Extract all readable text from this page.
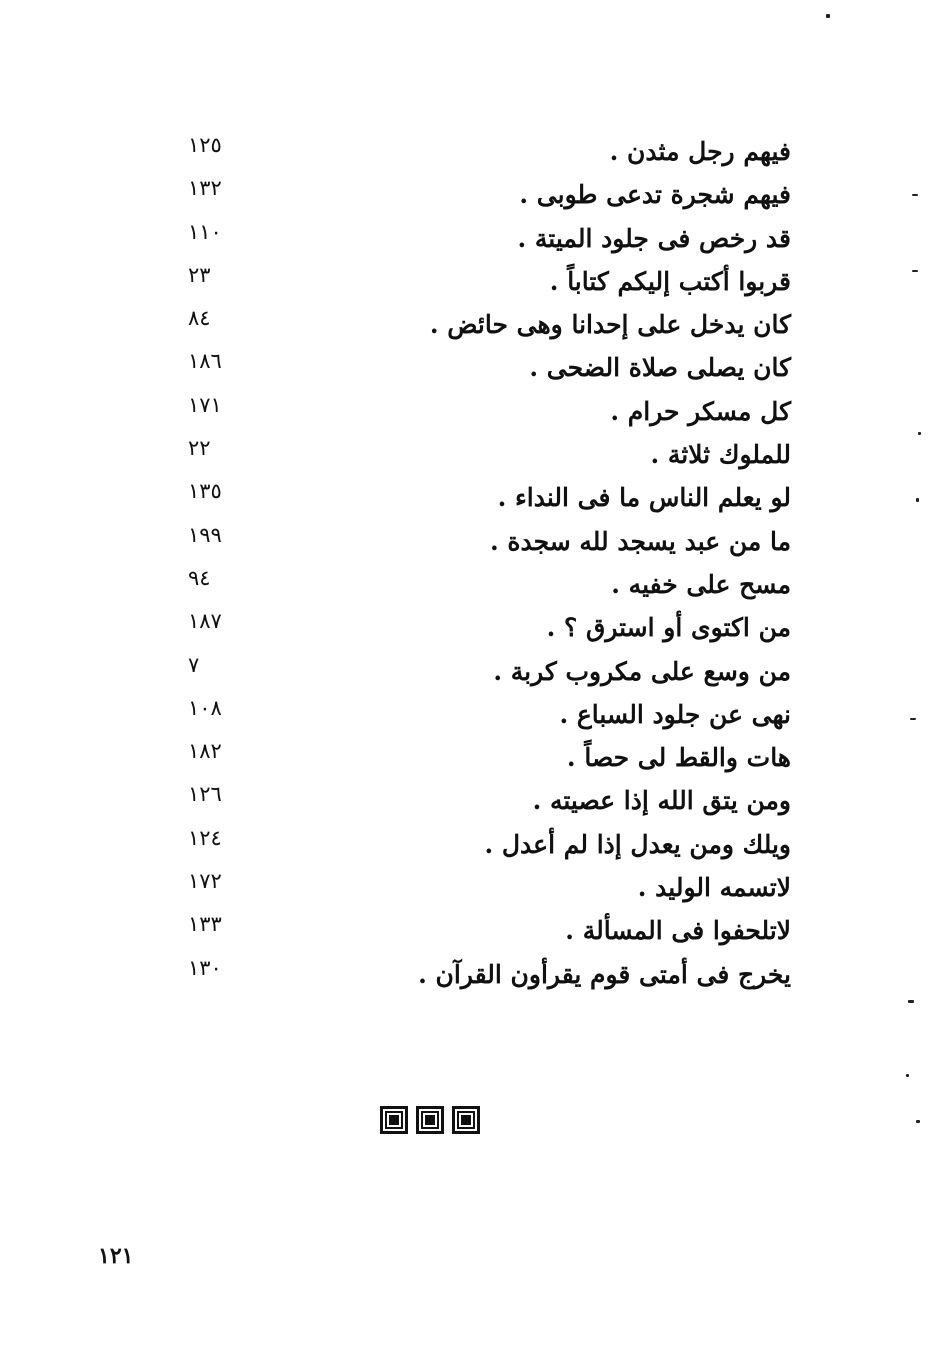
فيهم رجل مثدن .
١٢٥
فيهم شجرة تدعى طوبى .
١٣٢
قد رخص فى جلود الميتة .
١١٠
قربوا أكتب إليكم كتاباً .
٢٣
كان يدخل على إحدانا وهى حائض .
٨٤
كان يصلى صلاة الضحى .
١٨٦
كل مسكر حرام .
١٧١
للملوك ثلاثة .
٢٢
لو يعلم الناس ما فى النداء .
١٣٥
ما من عبد يسجد لله سجدة .
١٩٩
مسح على خفيه .
٩٤
من اكتوى أو استرق ؟ .
١٨٧
من وسع على مكروب كربة .
٧
نهى عن جلود السباع .
١٠٨
هات والقط لى حصاً .
١٨٢
ومن يتق الله إذا عصيته .
١٢٦
ويلك ومن يعدل إذا لم أعدل .
١٢٤
لاتسمه الوليد .
١٧٢
لاتلحفوا فى المسألة .
١٣٣
يخرج فى أمتى قوم يقرأون القرآن .
١٣٠
١٢١
